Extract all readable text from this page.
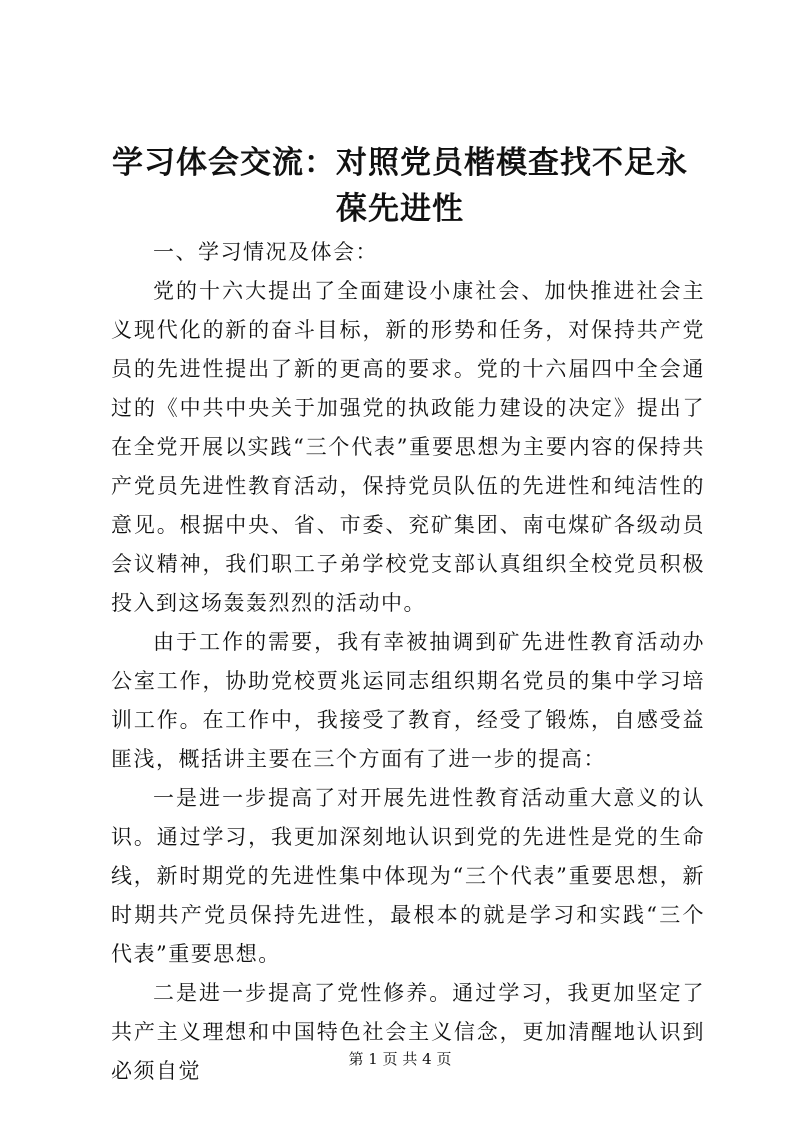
学习体会交流：对照党员楷模查找不足永葆先进性

一、学习情况及体会：

党的十六大提出了全面建设小康社会、加快推进社会主义现代化的新的奋斗目标，新的形势和任务，对保持共产党员的先进性提出了新的更高的要求。党的十六届四中全会通过的《中共中央关于加强党的执政能力建设的决定》提出了在全党开展以实践“三个代表”重要思想为主要内容的保持共产党员先进性教育活动，保持党员队伍的先进性和纯洁性的意见。根据中央、省、市委、兖矿集团、南屯煤矿各级动员会议精神，我们职工子弟学校党支部认真组织全校党员积极投入到这场轰轰烈烈的活动中。

由于工作的需要，我有幸被抽调到矿先进性教育活动办公室工作，协助党校贾兆运同志组织期名党员的集中学习培训工作。在工作中，我接受了教育，经受了锻炼，自感受益匪浅，概括讲主要在三个方面有了进一步的提高：

一是进一步提高了对开展先进性教育活动重大意义的认识。通过学习，我更加深刻地认识到党的先进性是党的生命线，新时期党的先进性集中体现为“三个代表”重要思想，新时期共产党员保持先进性，最根本的就是学习和实践“三个代表”重要思想。

二是进一步提高了党性修养。通过学习，我更加坚定了共产主义理想和中国特色社会主义信念，更加清醒地认识到必须自觉	第 1 页 共 4 页
